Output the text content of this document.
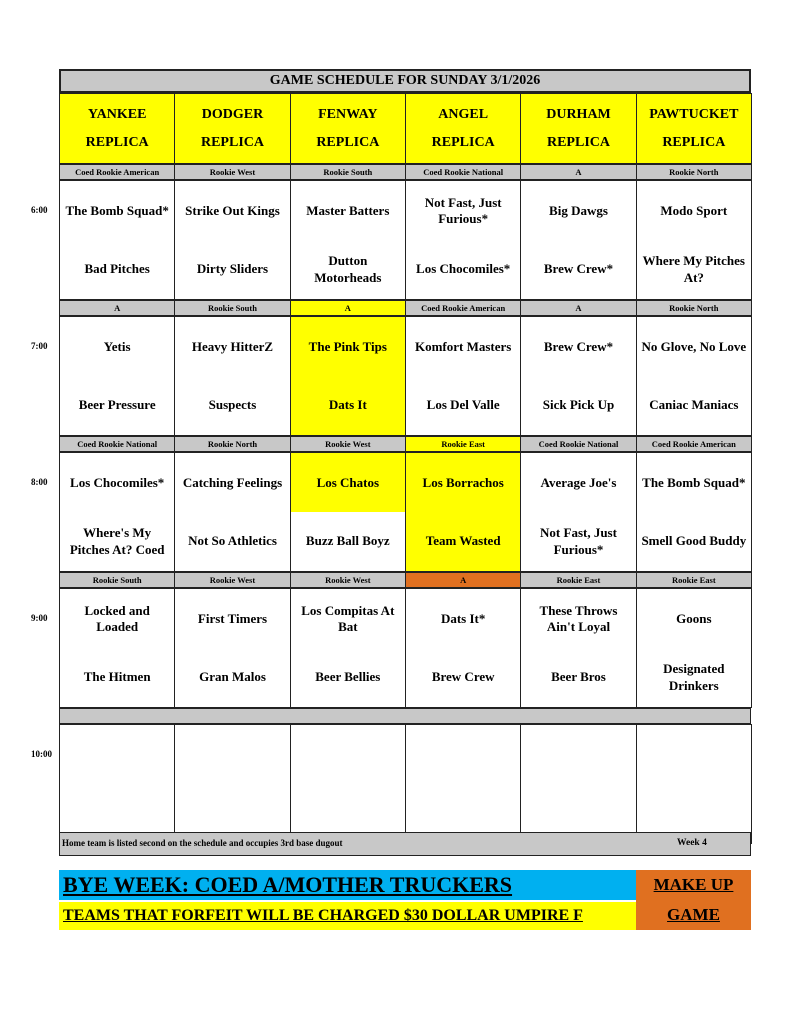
GAME SCHEDULE FOR SUNDAY 3/1/2026
YANKEE
REPLICA
DODGER
REPLICA
FENWAY
REPLICA
ANGEL
REPLICA
DURHAM
REPLICA
PAWTUCKET
REPLICA
Coed Rookie American
The Bomb Squad*
Bad Pitches
Rookie West
Strike Out Kings
Dirty Sliders
Rookie South
Master Batters
Dutton Motorheads
Coed Rookie National
Not Fast, Just Furious*
Los Chocomiles*
A
Big Dawgs
Brew Crew*
Rookie North
Modo Sport
Where My Pitches At?
A
Yetis
Beer Pressure
Rookie South
Heavy HitterZ
Suspects
A
The Pink Tips
Dats It
Coed Rookie American
Komfort Masters
Los Del Valle
A
Brew Crew*
Sick Pick Up
Rookie North
No Glove, No Love
Caniac Maniacs
Coed Rookie National
Los Chocomiles*
Where's My Pitches At? Coed
Rookie North
Catching Feelings
Not So Athletics
Rookie West
Los Chatos
Buzz Ball Boyz
Rookie East
Los Borrachos
Team Wasted
Coed Rookie National
Average Joe's
Not Fast, Just Furious*
Coed Rookie American
The Bomb Squad*
Smell Good Buddy
Rookie South
Locked and Loaded
The Hitmen
Rookie West
First Timers
Gran Malos
Rookie West
Los Compitas At Bat
Beer Bellies
A
Dats It*
Brew Crew
Rookie East
These Throws Ain't Loyal
Beer Bros
Rookie East
Goons
Designated Drinkers
Home team is listed second on the schedule and occupies 3rd base dugout	Week 4
6:00
7:00
8:00
9:00
10:00
BYE WEEK: COED A/MOTHER TRUCKERS
TEAMS THAT FORFEIT WILL BE CHARGED $30 DOLLAR UMPIRE F
MAKE UP
GAME
